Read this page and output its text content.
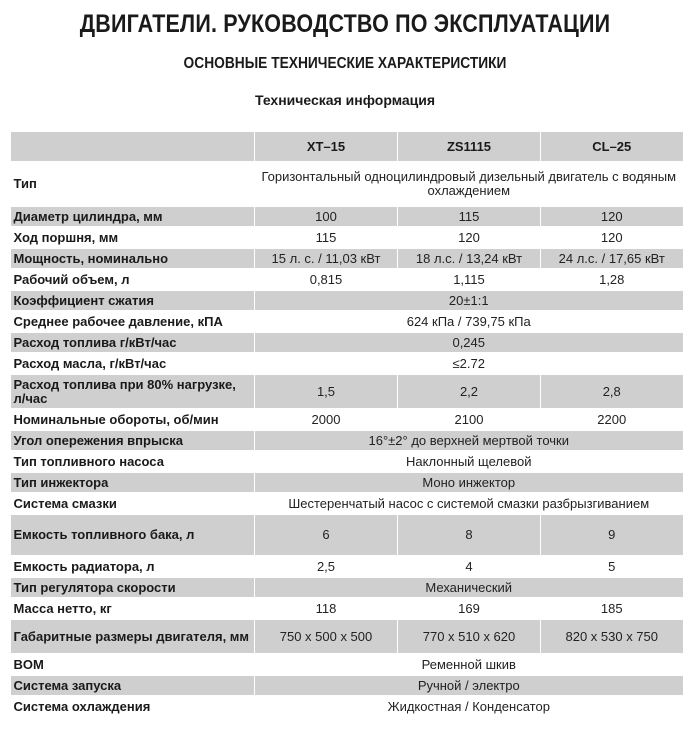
ДВИГАТЕЛИ. РУКОВОДСТВО ПО ЭКСПЛУАТАЦИИ
ОСНОВНЫЕ ТЕХНИЧЕСКИЕ ХАРАКТЕРИСТИКИ
Техническая информация
	XT–15	ZS1115	CL–25
Тип	Горизонтальный одноцилиндровый дизельный двигатель с водяным охлаждением		
Диаметр цилиндра, мм	100	115	120
Ход поршня, мм	115	120	120
Мощность, номинально	15 л. с. / 11,03 кВт	18 л.с. / 13,24 кВт	24 л.с. / 17,65 кВт
Рабочий объем, л	0,815	1,115	1,28
Коэффициент сжатия	20±1:1		
Среднее рабочее давление, кПА	624 кПа / 739,75 кПа		
Расход топлива г/кВт/час	0,245		
Расход масла, г/кВт/час	≤2.72		
Расход топлива при 80% нагрузке, л/час	1,5	2,2	2,8
Номинальные обороты, об/мин	2000	2100	2200
Угол опережения впрыска	16°±2° до верхней мертвой точки		
Тип топливного насоса	Наклонный щелевой		
Тип инжектора	Моно инжектор		
Система смазки	Шестеренчатый насос с системой смазки разбрызгиванием		
Емкость топливного бака, л	6	8	9
Емкость радиатора, л	2,5	4	5
Тип регулятора скорости	Механический		
Масса нетто, кг	118	169	185
Габаритные размеры двигателя, мм	750 x 500 x 500	770 x 510 x 620	820 x 530 x 750
BOM	Ременной шкив		
Система запуска	Ручной / электро		
Система охлаждения	Жидкостная / Конденсатор		
